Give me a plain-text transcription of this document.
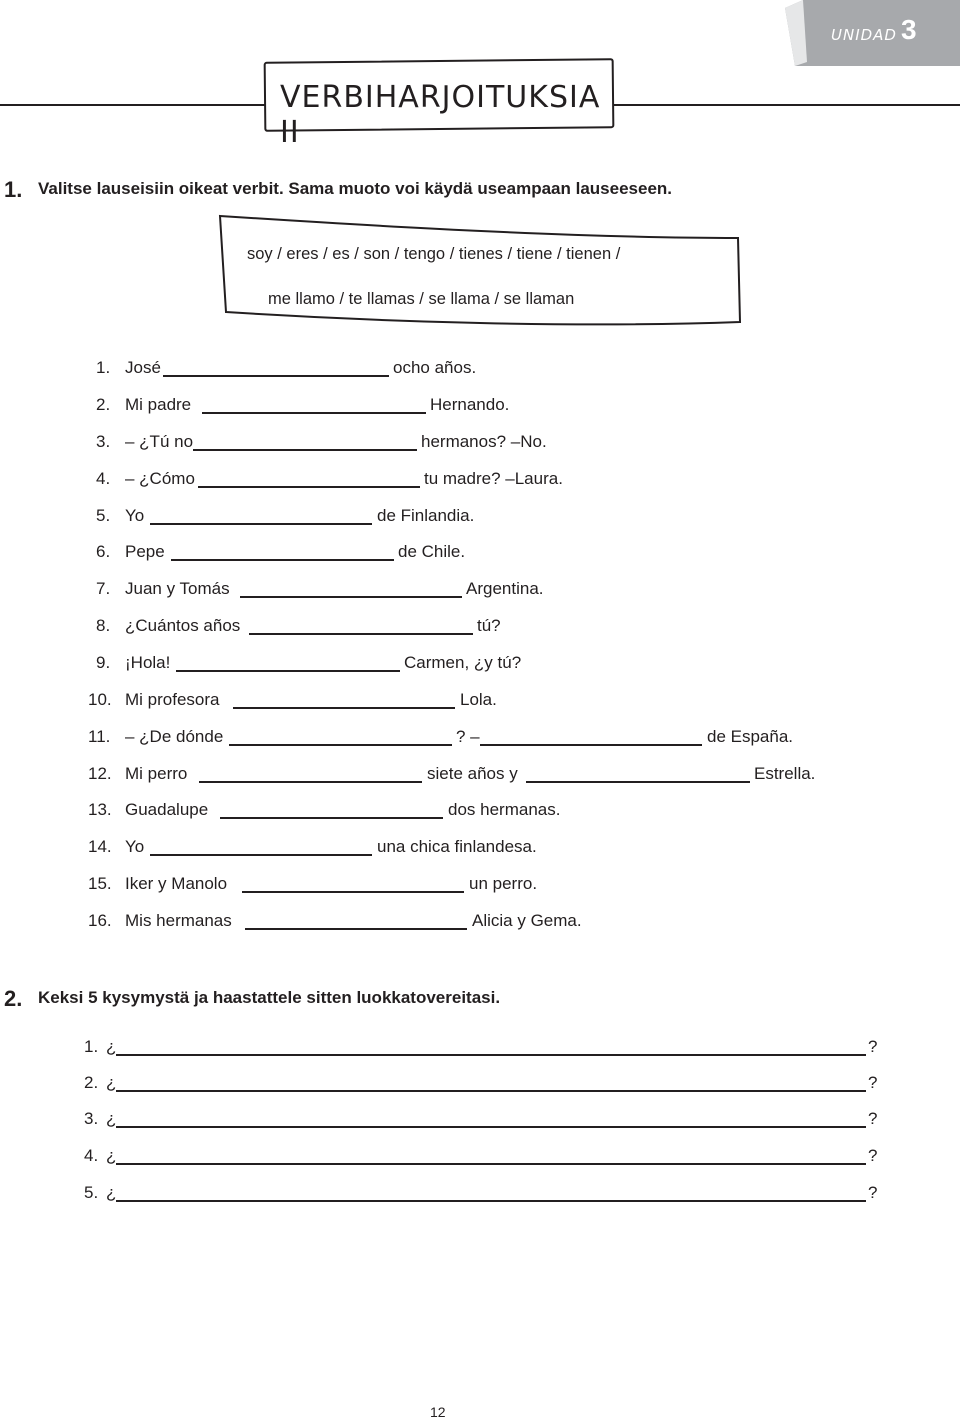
UNIDAD 3
VERBIHARJOITUKSIA II
1. Valitse lauseisiin oikeat verbit. Sama muoto voi käydä useampaan lauseeseen.
soy / eres / es / son / tengo / tienes / tiene / tienen /
me llamo / te llamas / se llama / se llaman
1. José	ocho años.
2. Mi padre	Hernando.
3. – ¿Tú no	hermanos? –No.
4. – ¿Cómo	tu madre? –Laura.
5. Yo	de Finlandia.
6. Pepe	de Chile.
7. Juan y Tomás	Argentina.
8. ¿Cuántos años	tú?
9. ¡Hola!	Carmen, ¿y tú?
10. Mi profesora	Lola.
11. – ¿De dónde	? –	de España.
12. Mi perro	siete años y	Estrella.
13. Guadalupe	dos hermanas.
14. Yo	una chica finlandesa.
15. Iker y Manolo	un perro.
16. Mis hermanas	Alicia y Gema.
2. Keksi 5 kysymystä ja haastattele sitten luokkatovereitasi.
1. ¿	?
2. ¿	?
3. ¿	?
4. ¿	?
5. ¿	?
12
